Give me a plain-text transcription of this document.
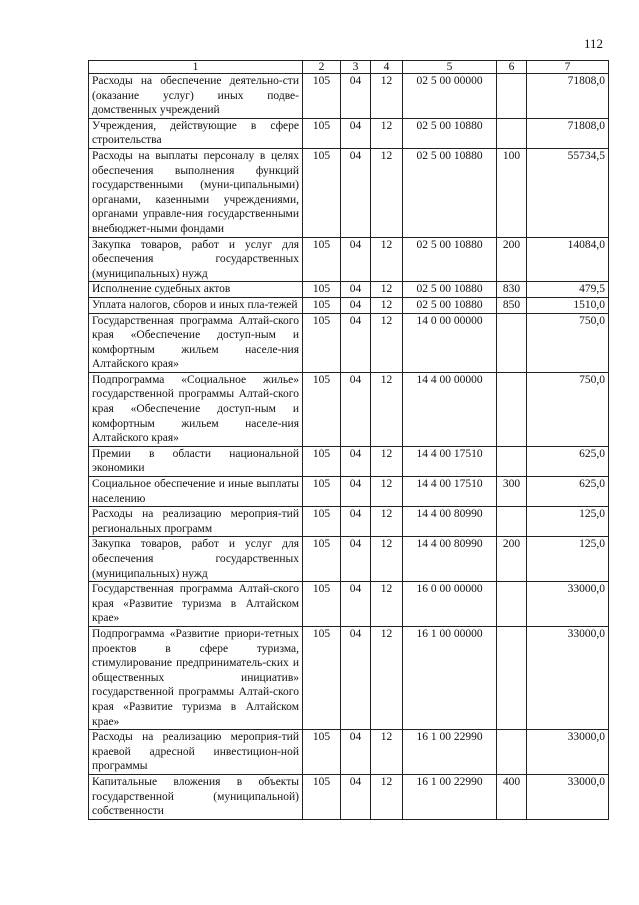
112
1	2	3	4	5	6	7
Расходы на обеспечение деятельно-сти (оказание услуг) иных подве-домственных учреждений	105	04	12	02 5 00 00000		71808,0
Учреждения, действующие в сфере строительства	105	04	12	02 5 00 10880		71808,0
Расходы на выплаты персоналу в целях обеспечения выполнения функций государственными (муни-ципальными) органами, казенными учреждениями, органами управле-ния государственными внебюджет-ными фондами	105	04	12	02 5 00 10880	100	55734,5
Закупка товаров, работ и услуг для обеспечения государственных (муниципальных) нужд	105	04	12	02 5 00 10880	200	14084,0
Исполнение судебных актов	105	04	12	02 5 00 10880	830	479,5
Уплата налогов, сборов и иных пла-тежей	105	04	12	02 5 00 10880	850	1510,0
Государственная программа Алтай-ского края «Обеспечение доступ-ным и комфортным жильем населе-ния Алтайского края»	105	04	12	14 0 00 00000		750,0
Подпрограмма «Социальное жилье» государственной программы Алтай-ского края «Обеспечение доступ-ным и комфортным жильем населе-ния Алтайского края»	105	04	12	14 4 00 00000		750,0
Премии в области национальной экономики	105	04	12	14 4 00 17510		625,0
Социальное обеспечение и иные выплаты населению	105	04	12	14 4 00 17510	300	625,0
Расходы на реализацию мероприя-тий региональных программ	105	04	12	14 4 00 80990		125,0
Закупка товаров, работ и услуг для обеспечения государственных (муниципальных) нужд	105	04	12	14 4 00 80990	200	125,0
Государственная программа Алтай-ского края «Развитие туризма в Алтайском крае»	105	04	12	16 0 00 00000		33000,0
Подпрограмма «Развитие приори-тетных проектов в сфере туризма, стимулирование предприниматель-ских и общественных инициатив» государственной программы Алтай-ского края «Развитие туризма в Алтайском крае»	105	04	12	16 1 00 00000		33000,0
Расходы на реализацию мероприя-тий краевой адресной инвестицион-ной программы	105	04	12	16 1 00 22990		33000,0
Капитальные вложения в объекты государственной (муниципальной) собственности	105	04	12	16 1 00 22990	400	33000,0
